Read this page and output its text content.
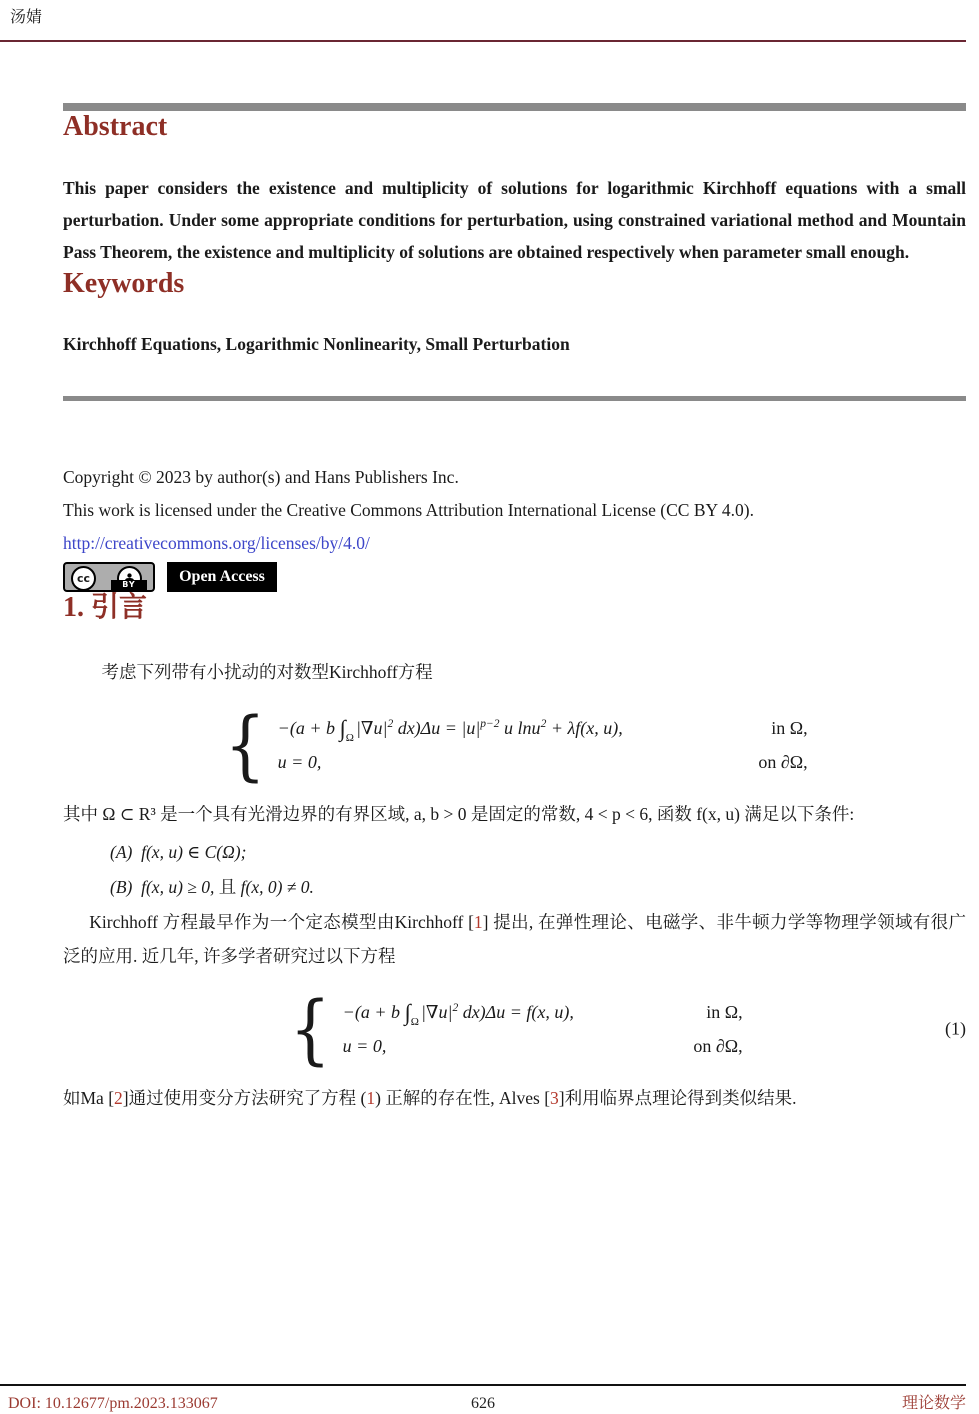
汤婧
Abstract
This paper considers the existence and multiplicity of solutions for logarithmic Kirchhoff equations with a small perturbation. Under some appropriate conditions for perturbation, using constrained variational method and Mountain Pass Theorem, the existence and multiplicity of solutions are obtained respectively when parameter small enough.
Keywords
Kirchhoff Equations, Logarithmic Nonlinearity, Small Perturbation
Copyright © 2023 by author(s) and Hans Publishers Inc.
This work is licensed under the Creative Commons Attribution International License (CC BY 4.0).
http://creativecommons.org/licenses/by/4.0/
cc	BY	Open Access
1. 引言
考虑下列带有小扰动的对数型Kirchhoff方程
{ −(a + b $\int_\Omega$ $|\nabla u|^2$ $dx)\Delta u = |u|^{p-2}$ u lnu$^2$ + λf(x, u),	in Ω,
u = 0,	on ∂Ω,
其中 Ω ⊂ R³ 是一个具有光滑边界的有界区域, a, b > 0 是固定的常数, 4 < p < 6, 函数 f(x, u) 满足以下条件:
(A) f(x, u) ∈ C(Ω);
(B) f(x, u) ≥ 0, 且 f(x, 0) ≠ 0.
Kirchhoff 方程最早作为一个定态模型由Kirchhoff [1] 提出, 在弹性理论、电磁学、非牛顿力学等物理学领域有很广泛的应用. 近几年, 许多学者研究过以下方程
{ −(a + b $\int_\Omega$ $|\nabla u|^2$ dx)Δu = f(x, u),	in Ω,
u = 0,	on ∂Ω,
(1)
如Ma [2]通过使用变分方法研究了方程 (1) 正解的存在性, Alves [3]利用临界点理论得到类似结果.
DOI: 10.12677/pm.2023.133067	626	理论数学
